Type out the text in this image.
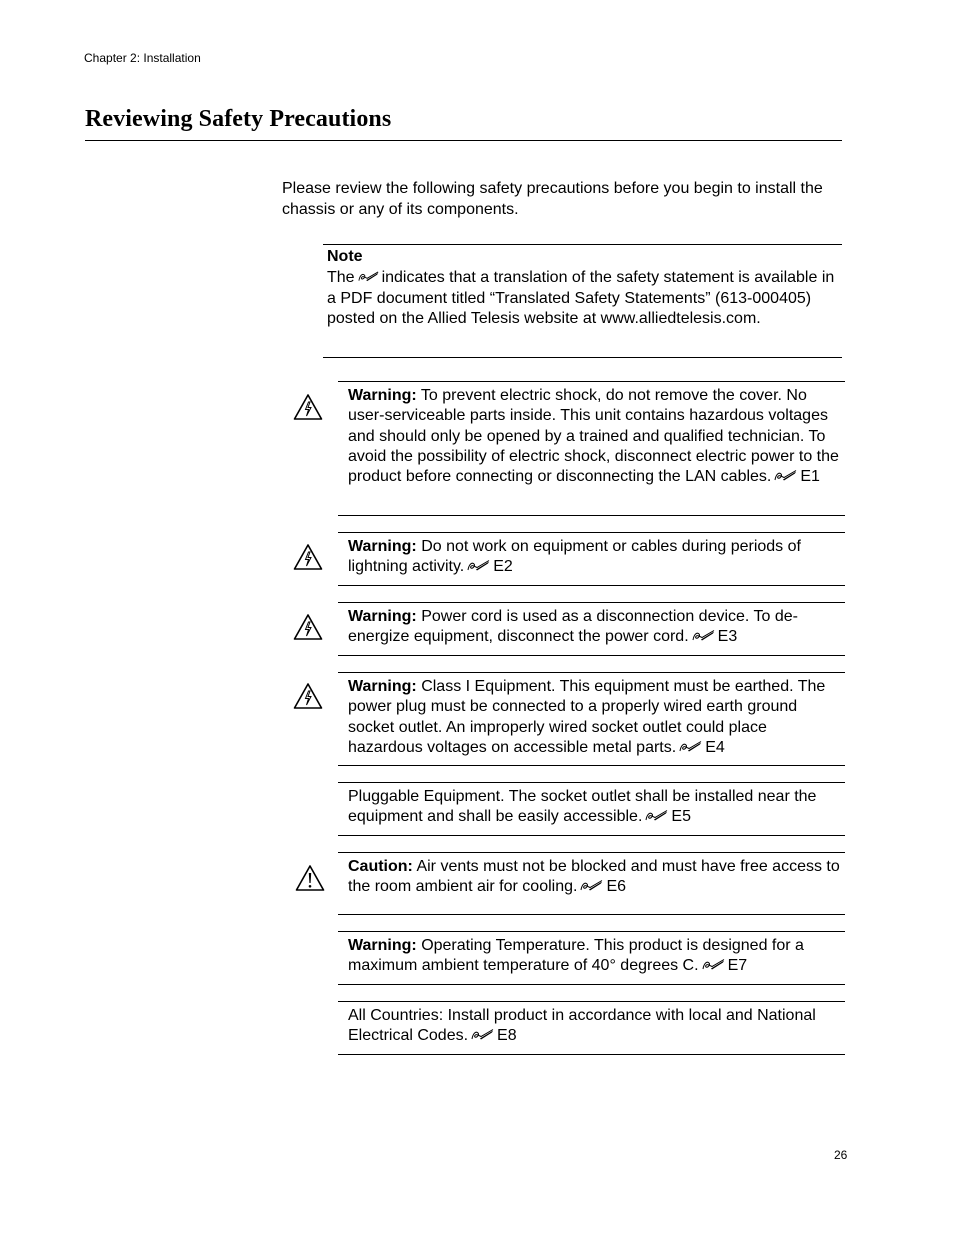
Chapter 2: Installation
Reviewing Safety Precautions

Please review the following safety precautions before you begin to install the chassis or any of its components.

Note

The indicates that a translation of the safety statement is available in a PDF document titled “Translated Safety Statements” (613-000405) posted on the Allied Telesis website at www.alliedtelesis.com.

Warning: To prevent electric shock, do not remove the cover. No user-serviceable parts inside. This unit contains hazardous voltages and should only be opened by a trained and qualified technician. To avoid the possibility of electric shock, disconnect electric power to the product before connecting or disconnecting the LAN cables. E1

Warning: Do not work on equipment or cables during periods of lightning activity. E2

Warning: Power cord is used as a disconnection device. To de-energize equipment, disconnect the power cord. E3

Warning: Class I Equipment. This equipment must be earthed. The power plug must be connected to a properly wired earth ground socket outlet. An improperly wired socket outlet could place hazardous voltages on accessible metal parts. E4

Pluggable Equipment. The socket outlet shall be installed near the equipment and shall be easily accessible. E5

Caution: Air vents must not be blocked and must have free access to the room ambient air for cooling. E6

Warning: Operating Temperature. This product is designed for a maximum ambient temperature of 40° degrees C. E7

All Countries: Install product in accordance with local and National Electrical Codes. E8

26
